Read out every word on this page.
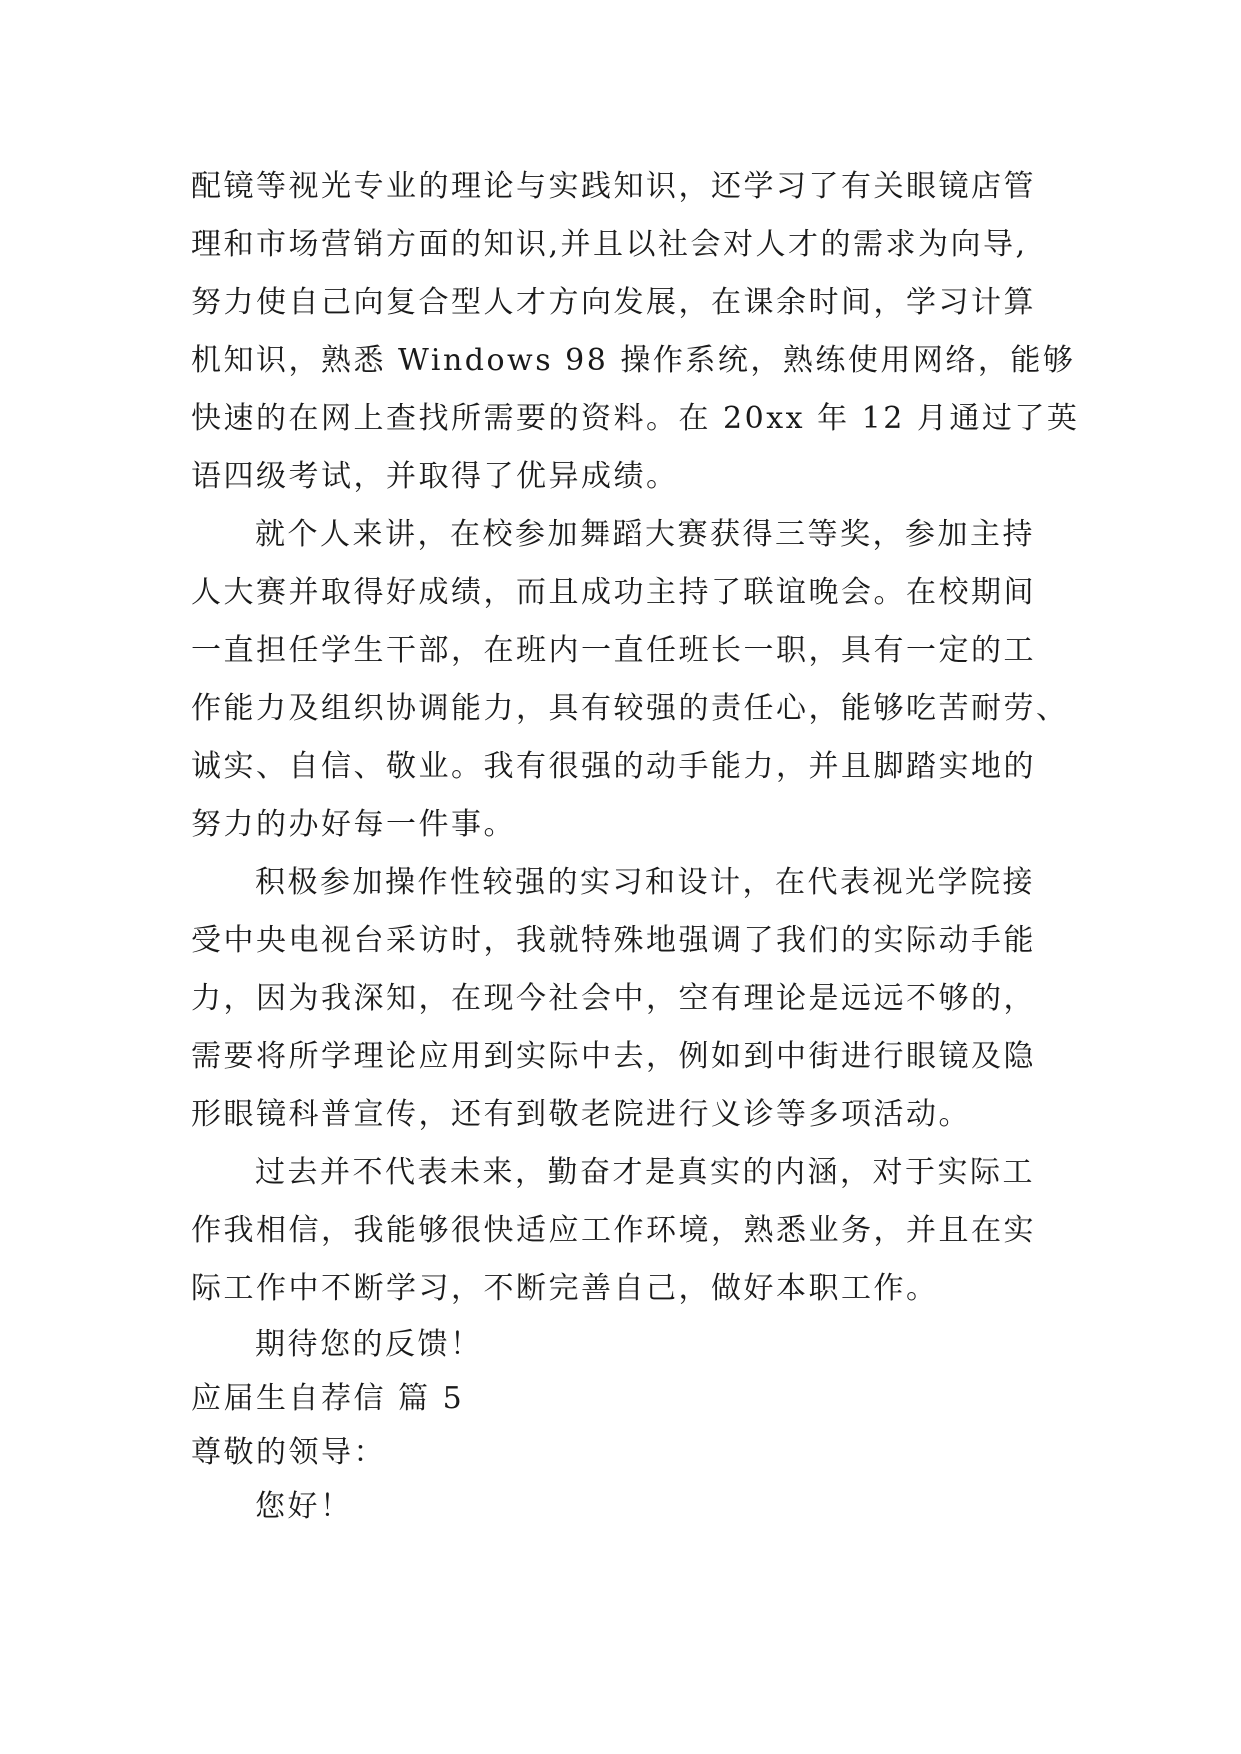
配镜等视光专业的理论与实践知识，还学习了有关眼镜店管
理和市场营销方面的知识,并且以社会对人才的需求为向导,
努力使自己向复合型人才方向发展，在课余时间，学习计算
机知识，熟悉 Windows 98 操作系统，熟练使用网络，能够
快速的在网上查找所需要的资料。在 20xx 年 12 月通过了英
语四级考试，并取得了优异成绩。
就个人来讲，在校参加舞蹈大赛获得三等奖，参加主持
人大赛并取得好成绩，而且成功主持了联谊晚会。在校期间
一直担任学生干部，在班内一直任班长一职，具有一定的工
作能力及组织协调能力，具有较强的责任心，能够吃苦耐劳、
诚实、自信、敬业。我有很强的动手能力，并且脚踏实地的
努力的办好每一件事。
积极参加操作性较强的实习和设计，在代表视光学院接
受中央电视台采访时，我就特殊地强调了我们的实际动手能
力，因为我深知，在现今社会中，空有理论是远远不够的，
需要将所学理论应用到实际中去，例如到中街进行眼镜及隐
形眼镜科普宣传，还有到敬老院进行义诊等多项活动。
过去并不代表未来，勤奋才是真实的内涵，对于实际工
作我相信，我能够很快适应工作环境，熟悉业务，并且在实
际工作中不断学习，不断完善自己，做好本职工作。
期待您的反馈！
应届生自荐信 篇 5
尊敬的领导：
您好！
